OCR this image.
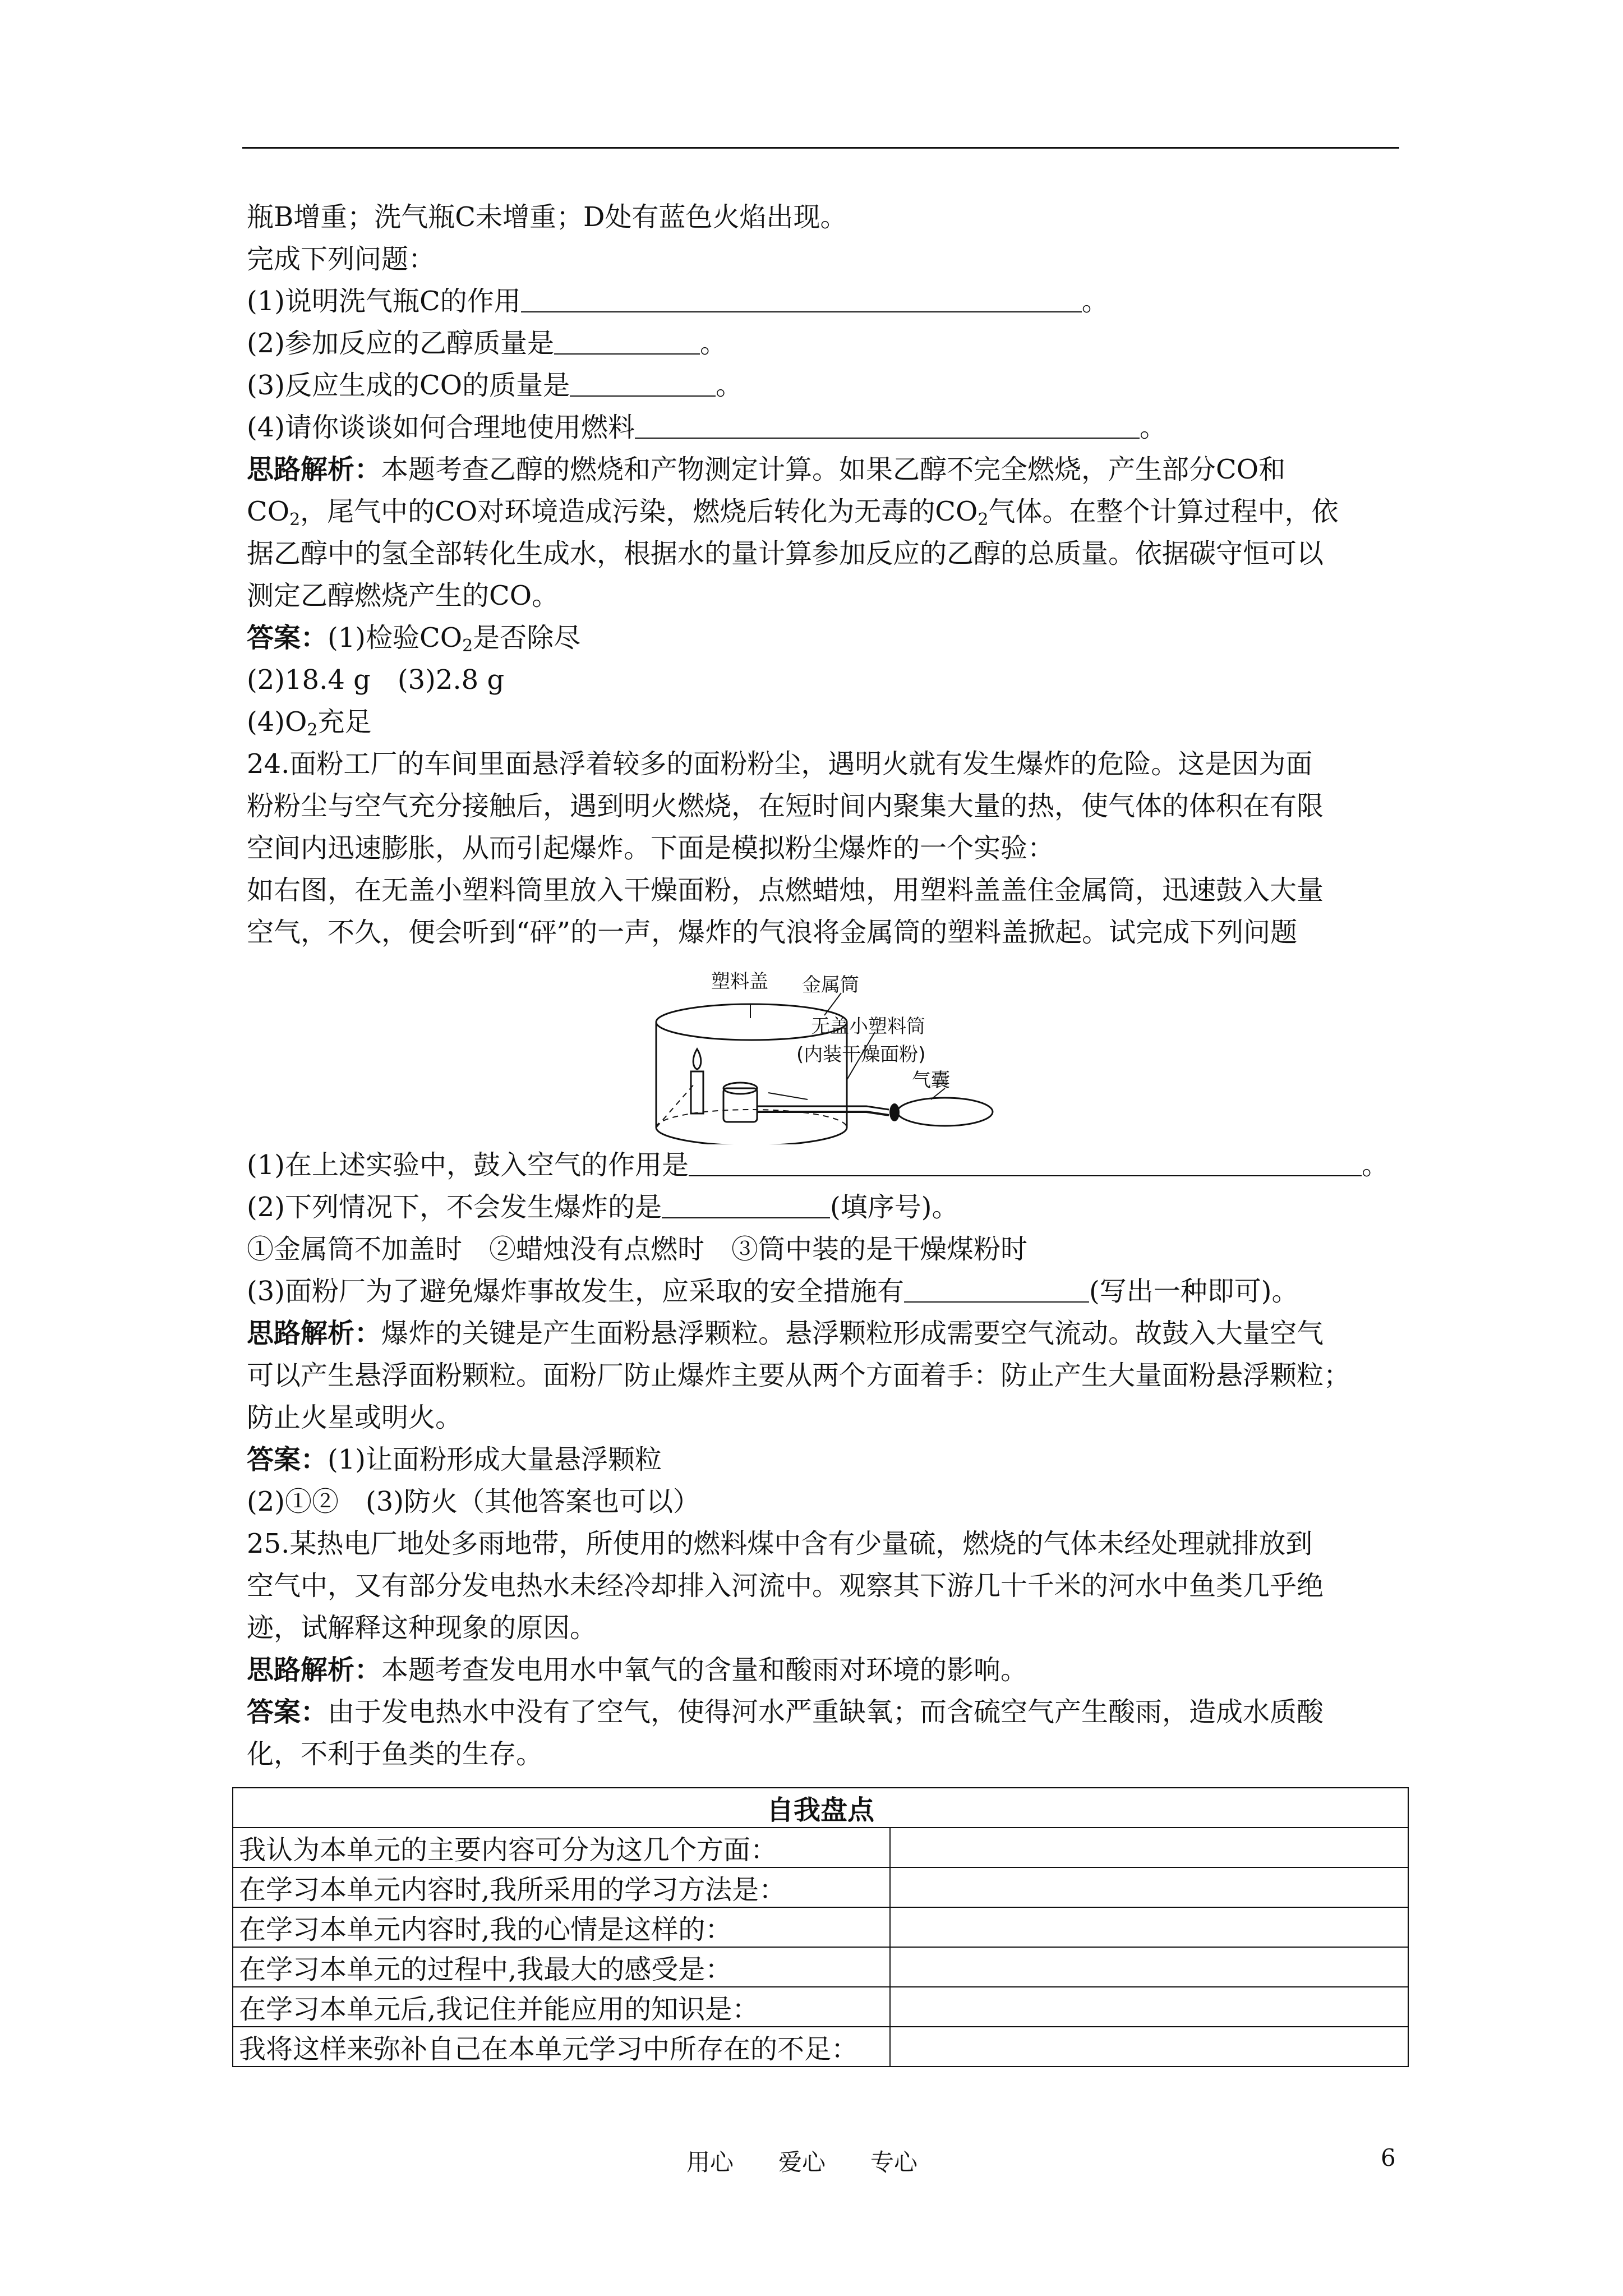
瓶B增重；洗气瓶C未增重；D处有蓝色火焰出现。
完成下列问题：
(1)说明洗气瓶C的作用	。
(2)参加反应的乙醇质量是	。
(3)反应生成的CO的质量是	。
(4)请你谈谈如何合理地使用燃料	。
思路解析：本题考查乙醇的燃烧和产物测定计算。如果乙醇不完全燃烧，产生部分CO和
$CO_2$，尾气中的CO对环境造成污染，燃烧后转化为无毒的$CO_2$气体。在整个计算过程中，依
据乙醇中的氢全部转化生成水，根据水的量计算参加反应的乙醇的总质量。依据碳守恒可以
测定乙醇燃烧产生的CO。
答案：(1)检验$CO_2$是否除尽
(2)18.4 g　(3)2.8 g
$(4)O_2$充足
24.面粉工厂的车间里面悬浮着较多的面粉粉尘，遇明火就有发生爆炸的危险。这是因为面
粉粉尘与空气充分接触后，遇到明火燃烧，在短时间内聚集大量的热，使气体的体积在有限
空间内迅速膨胀，从而引起爆炸。下面是模拟粉尘爆炸的一个实验：
如右图，在无盖小塑料筒里放入干燥面粉，点燃蜡烛，用塑料盖盖住金属筒，迅速鼓入大量
空气，不久，便会听到“砰”的一声，爆炸的气浪将金属筒的塑料盖掀起。试完成下列问题
塑料盖 金属筒
无盖小塑料筒
(内装干燥面粉)
气囊
(1)在上述实验中，鼓入空气的作用是	。
(2)下列情况下，不会发生爆炸的是	(填序号)。
①金属筒不加盖时　②蜡烛没有点燃时　③筒中装的是干燥煤粉时
(3)面粉厂为了避免爆炸事故发生，应采取的安全措施有	(写出一种即可)。
思路解析：爆炸的关键是产生面粉悬浮颗粒。悬浮颗粒形成需要空气流动。故鼓入大量空气
可以产生悬浮面粉颗粒。面粉厂防止爆炸主要从两个方面着手：防止产生大量面粉悬浮颗粒；
防止火星或明火。
答案：(1)让面粉形成大量悬浮颗粒
(2)①②　(3)防火（其他答案也可以）
25.某热电厂地处多雨地带，所使用的燃料煤中含有少量硫，燃烧的气体未经处理就排放到
空气中，又有部分发电热水未经冷却排入河流中。观察其下游几十千米的河水中鱼类几乎绝
迹，试解释这种现象的原因。
思路解析：本题考查发电用水中氧气的含量和酸雨对环境的影响。
答案：由于发电热水中没有了空气，使得河水严重缺氧；而含硫空气产生酸雨，造成水质酸
化，不利于鱼类的生存。
自我盘点	
我认为本单元的主要内容可分为这几个方面：	
在学习本单元内容时,我所采用的学习方法是：	
在学习本单元内容时,我的心情是这样的：	
在学习本单元的过程中,我最大的感受是：	
在学习本单元后,我记住并能应用的知识是：	
我将这样来弥补自己在本单元学习中所存在的不足：	
用心 爱心 专心	6
